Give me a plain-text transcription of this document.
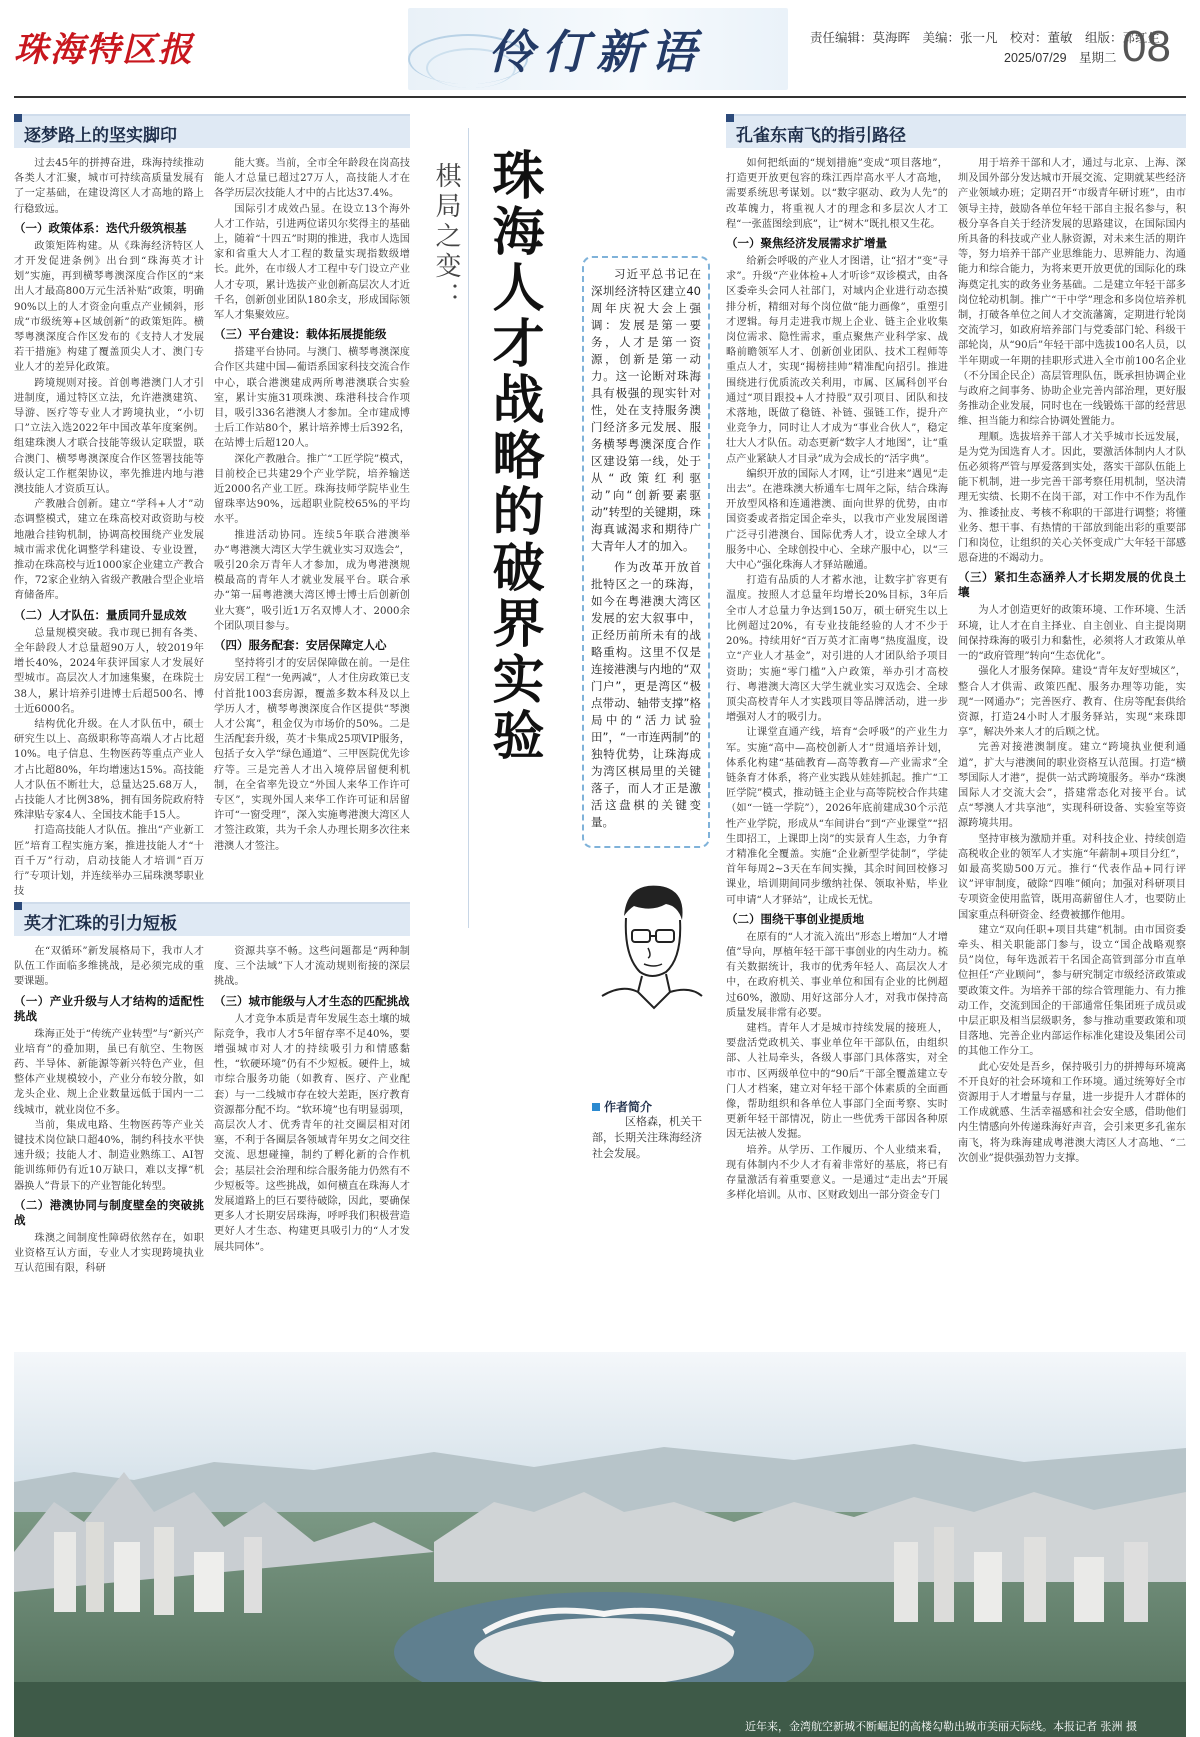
珠海特区报	伶仃新语	责任编辑：莫海晖　美编：张一凡　校对：董敏　组版：邓红生
2025/07/29　星期二 08
逐梦路上的坚实脚印

过去45年的拼搏奋进，珠海持续推动各类人才汇聚，城市可持续高质量发展有了一定基础，在建设湾区人才高地的路上行稳致远。

（一）政策体系：迭代升级筑根基

政策矩阵构建。从《珠海经济特区人才开发促进条例》出台到“珠海英才计划”实施，再到横琴粤澳深度合作区的“来出人才最高800万元生活补贴”政策，明确90%以上的人才资金向重点产业倾斜，形成“市级统筹+区域创新”的政策矩阵。横琴粤澳深度合作区发布的《支持人才发展若干措施》构建了覆盖顶尖人才、澳门专业人才的差异化政策。

跨境规则对接。首创粤港澳门人才引进制度，通过特区立法，允许港澳建筑、导游、医疗等专业人才跨境执业，“小切口”立法入选2022年中国改革年度案例。组建珠澳人才联合技能等级认定联盟，联合澳门、横琴粤澳深度合作区签署技能等级认定工作框架协议，率先推进内地与港澳技能人才资质互认。

产教融合创新。建立“学科+人才”动态调整模式，建立在珠高校对政资助与校地融合挂钩机制，协调高校围绕产业发展城市需求优化调整学科建设、专业设置，推动在珠高校与近1000家企业建立产教合作，72家企业纳入省级产教融合型企业培育储备库。

（二）人才队伍：量质同升显成效

总量规模突破。我市现已拥有各类、全年龄段人才总量超90万人，较2019年增长40%，2024年获评国家人才发展好型城市。高层次人才加速集聚，在珠院士38人，累计培养引进博士后超500名、博士近6000名。

结构优化升级。在人才队伍中，硕士研究生以上、高级职称等高端人才占比超10%。电子信息、生物医药等重点产业人才占比超80%，年均增速达15%。高技能人才队伍不断壮大，总量达25.68万人，占技能人才比例38%，拥有国务院政府特殊津贴专家4人、全国技术能手15人。

打造高技能人才队伍。推出“产业新工匠”培育工程实施方案，推进技能人才“十百千万”行动，启动技能人才培训“百万行”专项计划，并连续举办三届珠澳琴职业技

能大赛。当前，全市全年龄段在岗高技能人才总量已超过27万人，高技能人才在各学历层次技能人才中的占比达37.4%。

国际引才成效凸显。在设立13个海外人才工作站，引进两位诺贝尔奖得主的基础上，随着“十四五”时期的推进，我市人选国家和省重大人才工程的数量实现指数级增长。此外，在市级人才工程中专门设立产业人才专项，累计选拔产业创新高层次人才近千名，创新创业团队180余支，形成国际领军人才集聚效应。

（三）平台建设：载体拓展提能级

搭建平台协同。与澳门、横琴粤澳深度合作区共建中国—葡语系国家科技交流合作中心，联合港澳建成两所粤港澳联合实验室，累计实施31项珠澳、珠港科技合作项目，吸引336名港澳人才参加。全市建成博士后工作站80个，累计培养博士后392名，在站博士后超120人。

深化产教融合。推广“工匠学院”模式，目前校企已共建29个产业学院，培养输送近2000名产业工匠。珠海技师学院毕业生留珠率达90%，远超职业院校65%的平均水平。

推进活动协同。连续5年联合港澳举办“粤港澳大湾区大学生就业实习双选会”，吸引20余万青年人才参加，成为粤港澳规模最高的青年人才就业发展平台。联合承办“第一届粤港澳大湾区博士博士后创新创业大赛”，吸引近1万名双博人才、2000余个团队项目参与。

（四）服务配套：安居保障定人心

坚持将引才的安居保障做在前。一是住房安居工程“一免两减”，人才住房政策已支付首批1003套房源，覆盖多数本科及以上学历人才，横琴粤澳深度合作区提供“琴澳人才公寓”，租金仅为市场价的50%。二是生活配套升级，英才卡集成25项VIP服务，包括子女入学“绿色通道”、三甲医院优先诊疗等。三是完善人才出入境停居留便利机制，在全省率先设立“外国人来华工作许可专区”，实现外国人来华工作许可证和居留许可“一窗受理”，深入实施粤港澳大湾区人才签注政策，共为千余人办理长期多次往来港澳人才签注。

英才汇珠的引力短板

在“双循环”新发展格局下，我市人才队伍工作面临多维挑战，是必须完成的重要课题。

（一）产业升级与人才结构的适配性挑战

珠海正处于“传统产业转型”与“新兴产业培育”的叠加期，虽已有航空、生物医药、半导体、新能源等新兴特色产业，但整体产业规模较小，产业分布较分散，如龙头企业、规上企业数量远低于国内一二线城市，就业岗位不多。

当前，集成电路、生物医药等产业关键技术岗位缺口超40%，制约科技水平快速升级；技能人才、制造业熟练工、AI智能训练师仍有近10万缺口，难以支撑“机器换人”背景下的产业智能化转型。

（二）港澳协同与制度壁垒的突破挑战

珠澳之间制度性障碍依然存在，如职业资格互认方面，专业人才实现跨境执业互认范围有限，科研

资源共享不畅。这些问题都是“两种制度、三个法域”下人才流动规则衔接的深层挑战。

（三）城市能级与人才生态的匹配挑战

人才竞争本质是青年发展生态土壤的城际竞争，我市人才5年留存率不足40%，要增强城市对人才的持续吸引力和情感黏性，“软硬环境”仍有不少短板。硬件上，城市综合服务功能（如教育、医疗、产业配套）与一二线城市存在较大差距，医疗教育资源都分配不均。“软环境”也有明显弱项，高层次人才、优秀青年的社交圈层相对闭塞，不利于各圈层各领域青年男女之间交往交流、思想碰撞，制约了孵化新的合作机会；基层社会治理和综合服务能力仍然有不少短板等。这些挑战，如何横直在珠海人才发展道路上的巨石要待破除，因此，要确保更多人才长期安居珠海，呼呼我们积极营造更好人才生态、构建更具吸引力的“人才发展共同体”。

棋局之变： 珠海人才战略的破界实验	习近平总书记在深圳经济特区建立40周年庆祝大会上强调：发展是第一要务，人才是第一资源，创新是第一动力。这一论断对珠海具有极强的现实针对性，处在支持服务澳门经济多元发展、服务横琴粤澳深度合作区建设第一线，处于从“政策红利驱动”向“创新要素驱动”转型的关键期，珠海真诚渴求和期待广大青年人才的加入。

作为改革开放首批特区之一的珠海，如今在粤港澳大湾区发展的宏大叙事中，正经历前所未有的战略重构。这里不仅是连接港澳与内地的“双门户”，更是湾区“极点带动、轴带支撑”格局中的“活力试验田”，“一市连两制”的独特优势，让珠海成为湾区棋局里的关键落子，而人才正是激活这盘棋的关键变量。

作者简介
区格森，机关干部，长期关注珠海经济社会发展。
孔雀东南飞的指引路径

如何把纸面的“规划措施”变成“项目落地”，打造更开放更包容的珠江西岸高水平人才高地，需要系统思考谋划。以“数字驱动、政为人先”的改革魄力，将重视人才的理念和多层次人才工程“一张蓝图绘到底”，让“树木”既扎根又生花。

（一）聚焦经济发展需求扩增量

给新会呼吸的产业人才图谱，让“招才”变“寻求”。升级“产业体检+人才听诊”双诊模式，由各区委牵头会同人社部门，对域内企业进行动态摸排分析，精细对每个岗位做“能力画像”，重塑引才逻辑。每月走进我市规上企业、链主企业收集岗位需求、隐性需求，重点聚焦产业科学家、战略前瞻领军人才、创新创业团队、技术工程师等重点人才，实现“揭榜挂帅”精准配向招引。推进围绕进行优质流改关利用，市属、区属科创平台通过“项目跟投+人才持股”双引项目、团队和技术落地，既做了稳链、补链、强链工作，提升产业竞争力，同时让人才成为“事业合伙人”，稳定壮大人才队伍。动态更新“数字人才地图”，让“重点产业紧缺人才目录”成为会成长的“活字典”。

编织开放的国际人才网，让“引进来”遇见“走出去”。在港珠澳大桥通车七周年之际，结合珠海开放型风格和连通港澳、面向世界的优势，由市国资委或者指定国企牵头，以我市产业发展图谱广泛寻引港澳台、国际优秀人才，设立全球人才服务中心、全球创投中心、全球产服中心，以“三大中心”强化珠海人才驿站融通。

打造有品质的人才蓄水池，让数字扩容更有温度。按照人才总量年均增长20%目标，3年后全市人才总量力争达到150万，硕士研究生以上比例超过20%，有专业技能经验的人才不少于20%。持续用好“百万英才汇南粤”热度温度，设立“产业人才基金”，对引进的人才团队给予项目资助；实施“零门槛”入户政策，举办引才高校行、粤港澳大湾区大学生就业实习双选会、全球顶尖高校青年人才实践项目等品牌活动，进一步增强对人才的吸引力。

让课堂直通产线，培育“会呼吸”的产业生力军。实施“高中—高校创新人才”贯通培养计划，体系化构建“基础教育—高等教育—产业需求”全链条育才体系，将产业实践从娃娃抓起。推广“工匠学院”模式，推动链主企业与高等院校合作共建（如“一链一学院”），2026年底前建成30个示范性产业学院，形成从“车间讲台”到“产业课堂”“招生即招工，上课即上岗”的实景育人生态，力争育才精准化全覆盖。实施“企业新型学徒制”，学徒首年每周2~3天在车间实操，其余时间回校修习课业，培训期间同步缴纳社保、领取补贴，毕业可申请“人才驿站”，让成长无忧。

（二）围绕干事创业提质地

在原有的“人才流入流出”形态上增加“人才增值”导向，厚植年轻干部干事创业的内生动力。梳有关数据统计，我市的优秀年轻人、高层次人才中，在政府机关、事业单位和国有企业的比例超过60%，激励、用好这部分人才，对我市保持高质量发展非常有必要。

建档。青年人才是城市持续发展的接班人，要盘活党政机关、事业单位年干部队伍，由组织部、人社局牵头，各级人事部门具体落实，对全市市、区两级单位中的“90后”干部全覆盖建立专门人才档案，建立对年轻干部个体素质的全面画像，帮助组织和各单位人事部门全面考察、实时更新年轻干部情况，防止一些优秀干部因各种原因无法被人发掘。

培养。从学历、工作履历、个人业绩来看，现有体制内不少人才有着非常好的基底，将已有存量激活有着重要意义。一是通过“走出去”开展多样化培训。从市、区财政划出一部分资金专门

用于培养干部和人才，通过与北京、上海、深圳及国外部分发达城市开展交流、定期就某些经济产业领域办班；定期召开“市级青年研讨班”，由市领导主持，鼓励各单位年轻干部自主报名参与，积极分享各自关于经济发展的思路建议，在国际国内所具备的科技或产业人脉资源，对未来生活的期许等，努力培养干部产业思维能力、思辨能力、沟通能力和综合能力，为将来更开放更优的国际化的珠海奠定扎实的政务业务基础。二是建立年轻干部多岗位轮动机制。推广“干中学”理念和多岗位培养机制，打破各单位之间人才交流藩篱，定期进行轮岗交流学习，如政府培养部门与党委部门轮、科级干部轮岗，从“90后”年轻干部中选拔100名人员，以半年期或一年期的挂职形式进入全市前100名企业（不分国企民企）高层管理队伍，既承担协调企业与政府之间事务、协助企业完善内部治理，更好服务推动企业发展，同时也在一线锻炼干部的经营思维、担当能力和综合协调处置能力。

理顺。选拔培养干部人才关乎城市长远发展，是为党为国选育人才。因此，要激活体制内人才队伍必须将严管与厚爱落到实处，落实干部队伍能上能下机制，进一步完善干部考察任用机制，坚决清理无实绩、长期不在岗干部，对工作中不作为乱作为、推诿扯皮、考核不称职的干部进行调整；将懂业务、想干事、有热情的干部放到能出彩的重要部门和岗位，让组织的关心关怀变成广大年轻干部感恩奋进的不竭动力。

（三）紧扣生态涵养人才长期发展的优良土壤

为人才创造更好的政策环境、工作环境、生活环境，让人才在自主择业、自主创业、自主提岗期间保持珠海的吸引力和黏性，必须将人才政策从单一的“政府管理”转向“生态优化”。

强化人才服务保障。建设“青年友好型城区”，整合人才供需、政策匹配、服务办理等功能，实现“一网通办”；完善医疗、教育、住房等配套供给资源，打造24小时人才服务驿站，实现“来珠即享”，解决外来人才的后顾之忧。

完善对接港澳制度。建立“跨境执业便利通道”，扩大与港澳间的职业资格互认范围。打造“横琴国际人才港”，提供一站式跨境服务。举办“珠澳国际人才交流大会”，搭建常态化对接平台。试点“琴澳人才共享池”，实现科研设备、实验室等资源跨境共用。

坚持审核为激励并重。对科技企业、持续创造高税收企业的领军人才实施“年薪制+项目分红”，如最高奖励500万元。推行“代表作品+同行评议”评审制度，破除“四唯”倾向；加强对科研项目专项资金使用监管，既用高薪留住人才，也要防止国家重点科研资金、经费被挪作他用。

建立“双向任职+项目共建”机制。由市国资委牵头、相关职能部门参与，设立“国企战略观察员”岗位，每年选派若干名国企高管到部分市直单位担任“产业顾问”，参与研究制定市级经济政策或要政策文件。为培养干部的综合管理能力、有力推动工作，交流到国企的干部通常任集团班子成员或中层正职及相当层级职务，参与推动重要政策和项目落地、完善企业内部运作标准化建设及集团公司的其他工作分工。

此心安处是吾乡，保持吸引力的拼搏每环境离不开良好的社会环境和工作环境。通过统筹好全市资源用于人才增量与存量，进一步提升人才群体的工作成就感、生活幸福感和社会安全感，借助他们内生情感向外传递珠海好声音，会引来更多孔雀东南飞，将为珠海建成粤港澳大湾区人才高地、“二次创业”提供强劲智力支撑。

近年来，金湾航空新城不断崛起的高楼勾勒出城市美丽天际线。本报记者 张洲 摄
